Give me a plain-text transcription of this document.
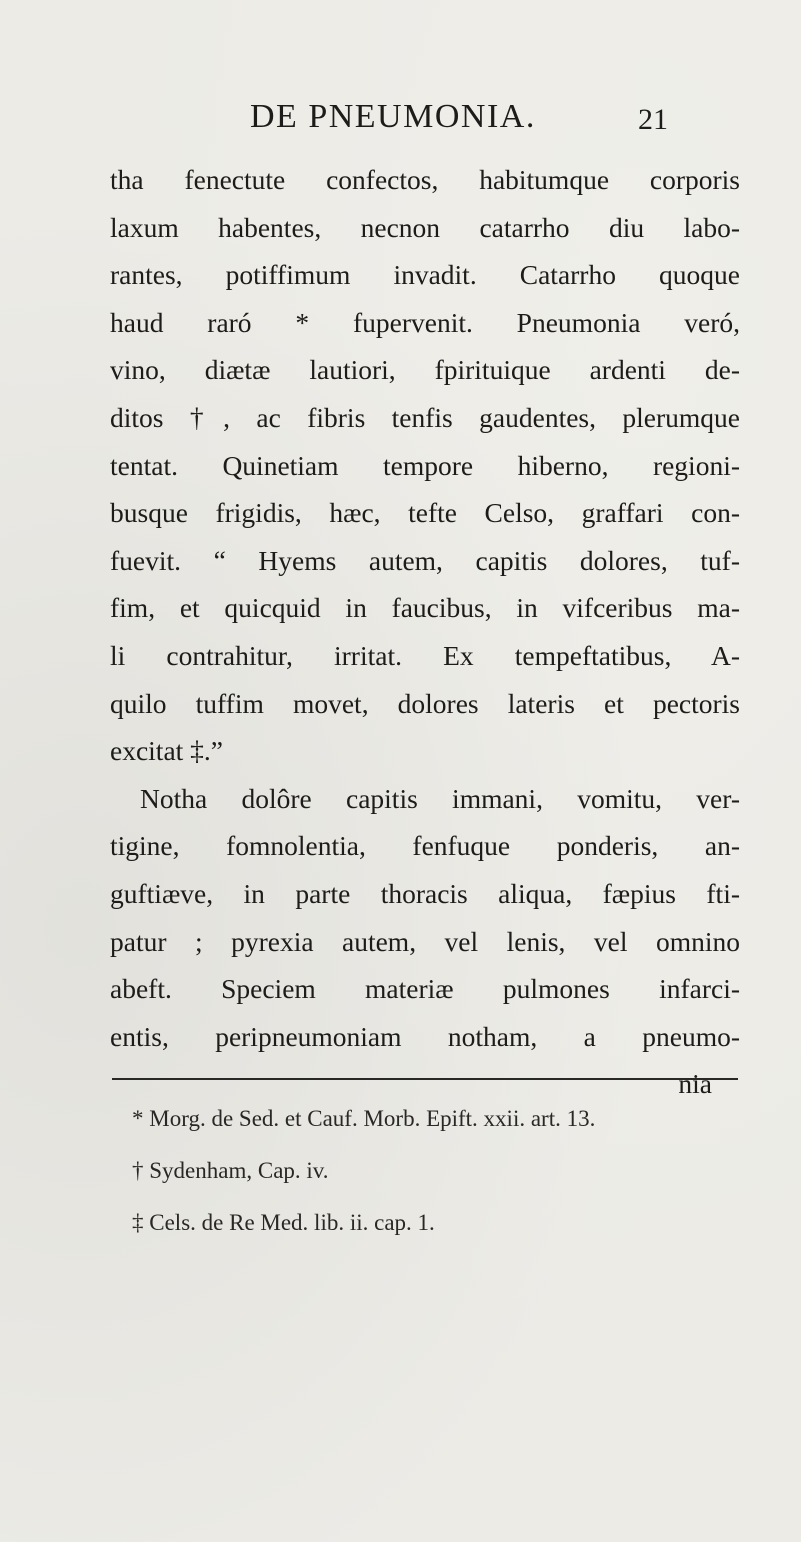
DE PNEUMONIA.	21
tha fenectute confectos, habitumque corporis
laxum habentes, necnon catarrho diu labo-
rantes, potiffimum invadit. Catarrho quoque
haud raró * fupervenit. Pneumonia veró,
vino, diætæ lautiori, fpirituique ardenti de-
ditos †, ac fibris tenfis gaudentes, plerumque
tentat. Quinetiam tempore hiberno, regioni-
busque frigidis, hæc, tefte Celso, graffari con-
fuevit. “ Hyems autem, capitis dolores, tuf-
fim, et quicquid in faucibus, in vifceribus ma-
li contrahitur, irritat. Ex tempeftatibus, A-
quilo tuffim movet, dolores lateris et pectoris
excitat ‡.”
Notha dolôre capitis immani, vomitu, ver-
tigine, fomnolentia, fenfuque ponderis, an-
guftiæve, in parte thoracis aliqua, fæpius fti-
patur ; pyrexia autem, vel lenis, vel omnino
abeft. Speciem materiæ pulmones infarci-
entis, peripneumoniam notham, a pneumo-
nia
* Morg. de Sed. et Cauf. Morb. Epift. xxii. art. 13.
† Sydenham, Cap. iv.
‡ Cels. de Re Med. lib. ii. cap. 1.
